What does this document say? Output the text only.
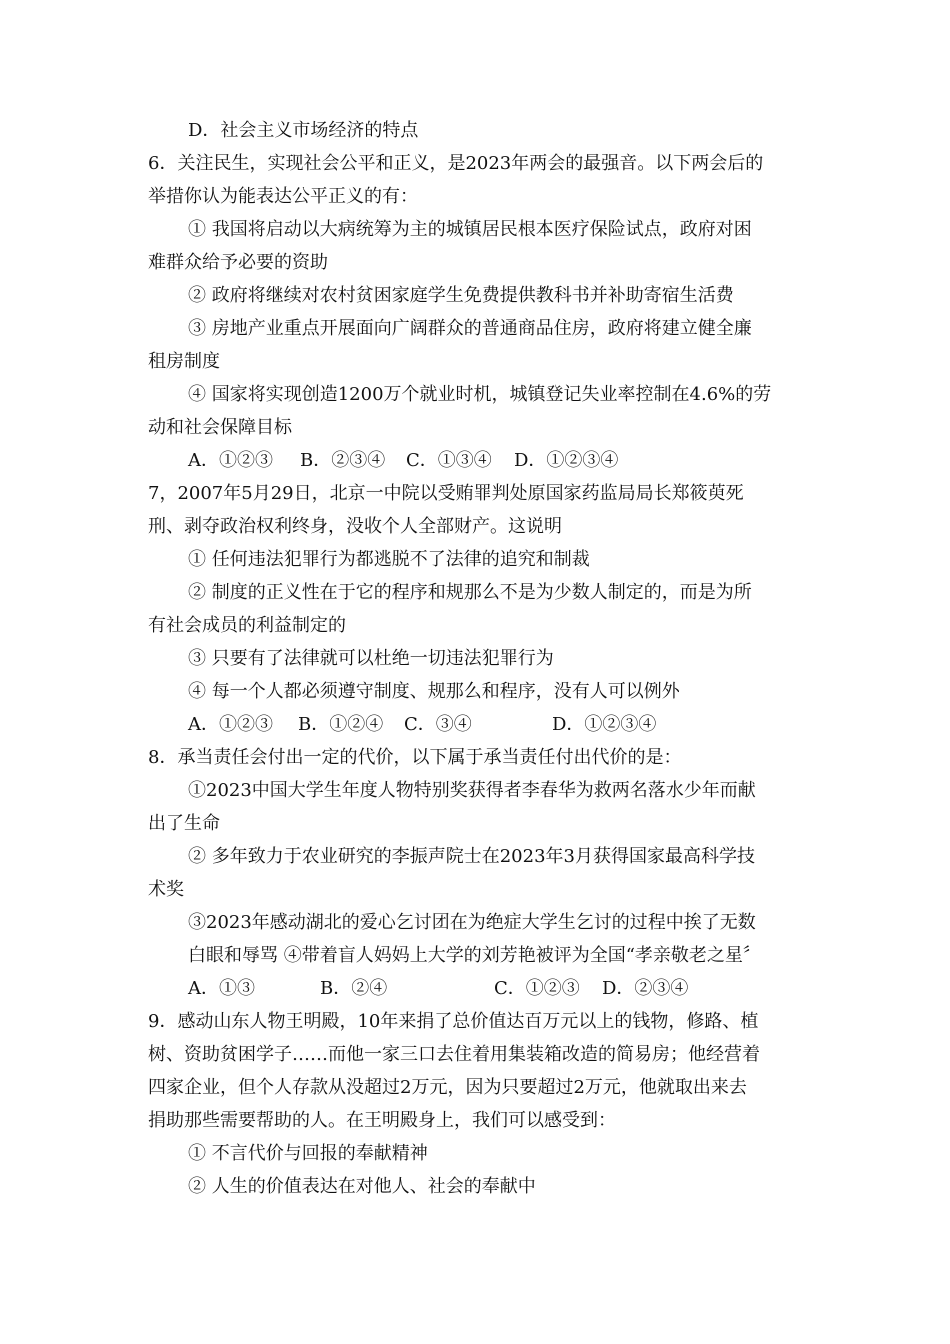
D．社会主义市场经济的特点
6．关注民生，实现社会公平和正义，是2023年两会的最强音。以下两会后的
举措你认为能表达公平正义的有：
① 我国将启动以大病统筹为主的城镇居民根本医疗保险试点，政府对困
难群众给予必要的资助
② 政府将继续对农村贫困家庭学生免费提供教科书并补助寄宿生活费
③ 房地产业重点开展面向广阔群众的普通商品住房，政府将建立健全廉
租房制度
④ 国家将实现创造1200万个就业时机，城镇登记失业率控制在4.6%的劳
动和社会保障目标
A．①②③ B．②③④ C．①③④ D．①②③④
7，2007年5月29日，北京一中院以受贿罪判处原国家药监局局长郑筱萸死
刑、剥夺政治权利终身，没收个人全部财产。这说明
① 任何违法犯罪行为都逃脱不了法律的追究和制裁
② 制度的正义性在于它的程序和规那么不是为少数人制定的，而是为所
有社会成员的利益制定的
③ 只要有了法律就可以杜绝一切违法犯罪行为
④ 每一个人都必须遵守制度、规那么和程序，没有人可以例外
A．①②③ B．①②④ C．③④	D．①②③④
8．承当责任会付出一定的代价，以下属于承当责任付出代价的是：
①2023中国大学生年度人物特别奖获得者李春华为救两名落水少年而献
出了生命
② 多年致力于农业研究的李振声院士在2023年3月获得国家最高科学技
术奖
③2023年感动湖北的爱心乞讨团在为绝症大学生乞讨的过程中挨了无数
白眼和辱骂 ④带着盲人妈妈上大学的刘芳艳被评为全国“孝亲敬老之星〞
A．①③	B．②④	C．①②③ D．②③④
9．感动山东人物王明殿，10年来捐了总价值达百万元以上的钱物，修路、植
树、资助贫困学子……而他一家三口去住着用集装箱改造的简易房；他经营着
四家企业，但个人存款从没超过2万元，因为只要超过2万元，他就取出来去
捐助那些需要帮助的人。在王明殿身上，我们可以感受到：
① 不言代价与回报的奉献精神
② 人生的价值表达在对他人、社会的奉献中
